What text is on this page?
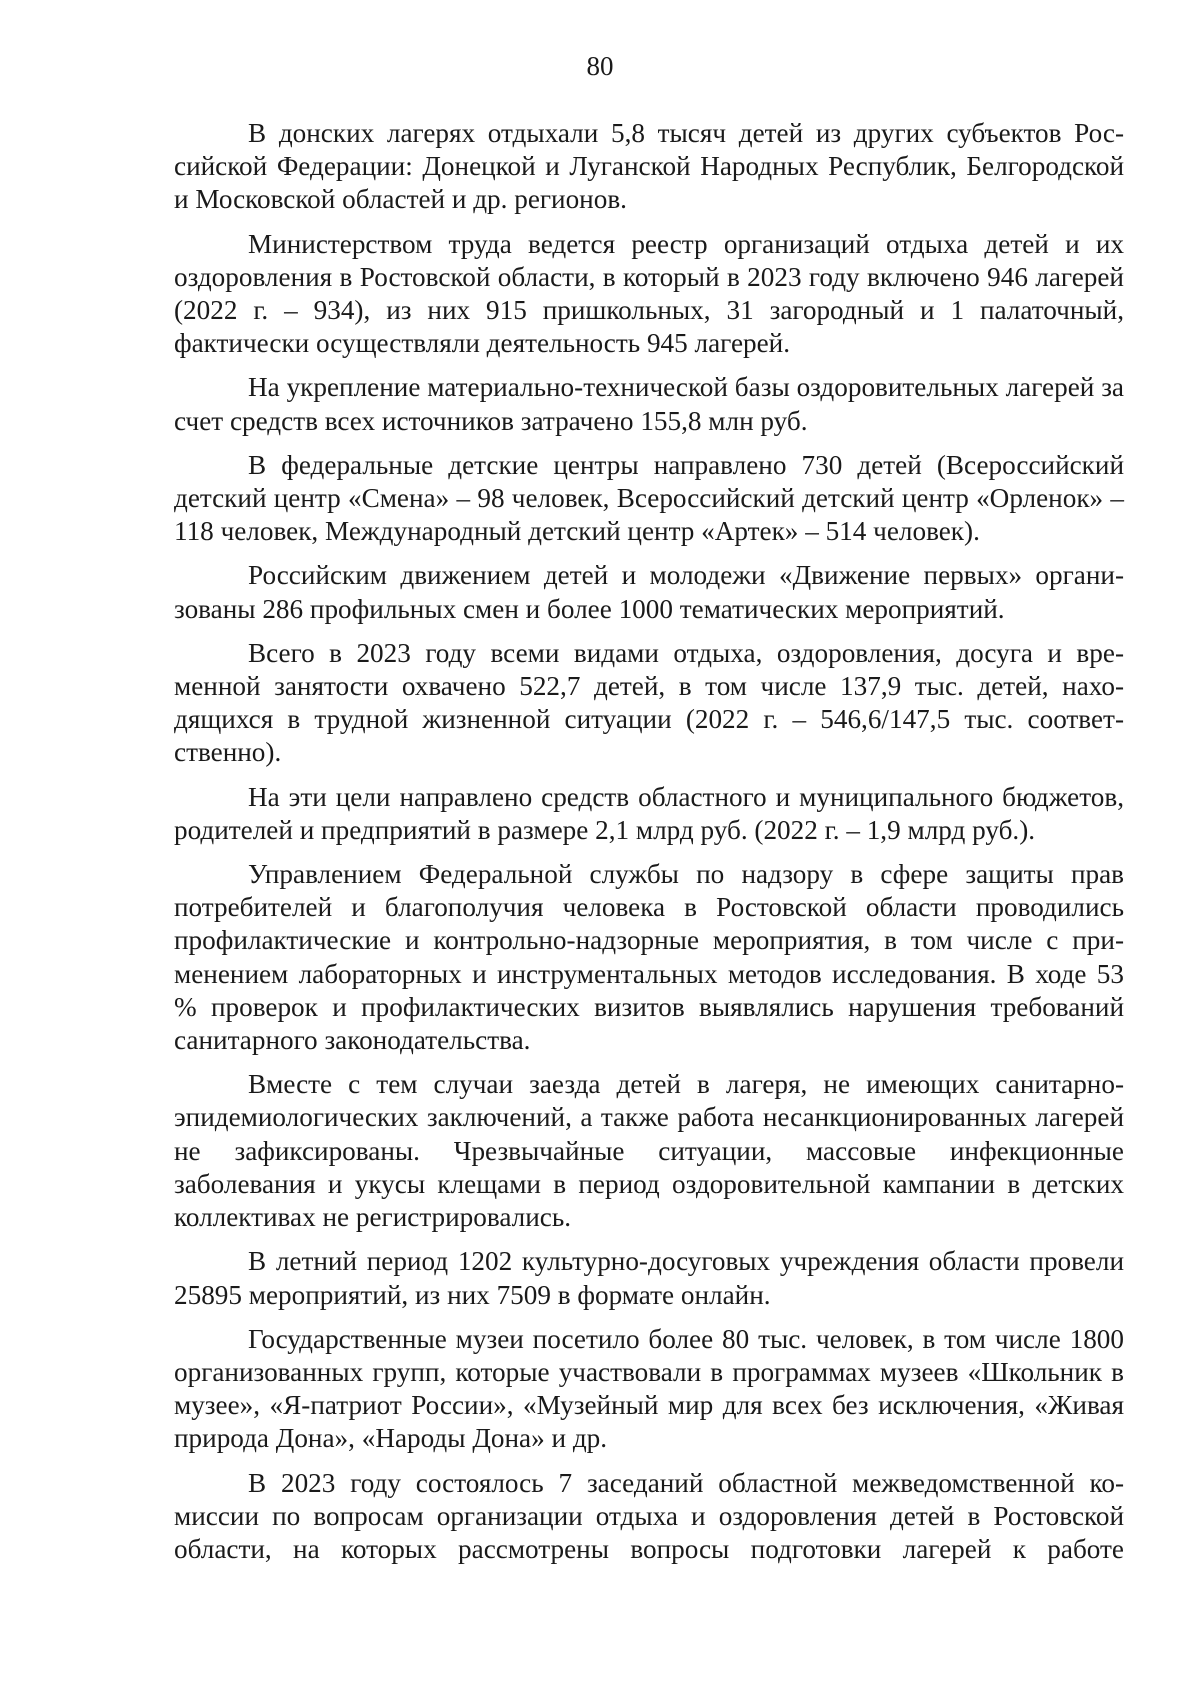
80

В донских лагерях отдыхали 5,8 тысяч детей из других субъектов Российской Федерации: Донецкой и Луганской Народных Республик, Белгородской и Московской областей и др. регионов.

Министерством труда ведется реестр организаций отдыха детей и их оздоровления в Ростовской области, в который в 2023 году включено 946 лагерей (2022 г. – 934), из них 915 пришкольных, 31 загородный и 1 палаточный, фактически осуществляли деятельность 945 лагерей.

На укрепление материально-технической базы оздоровительных лагерей за счет средств всех источников затрачено 155,8 млн руб.

В федеральные детские центры направлено 730 детей (Всероссийский детский центр «Смена» – 98 человек, Всероссийский детский центр «Орленок» – 118 человек, Международный детский центр «Артек» – 514 человек).

Российским движением детей и молодежи «Движение первых» организованы 286 профильных смен и более 1000 тематических мероприятий.

Всего в 2023 году всеми видами отдыха, оздоровления, досуга и временной занятости охвачено 522,7 детей, в том числе 137,9 тыс. детей, находящихся в трудной жизненной ситуации (2022 г. – 546,6/147,5 тыс. соответственно).

На эти цели направлено средств областного и муниципального бюджетов, родителей и предприятий в размере 2,1 млрд руб. (2022 г. – 1,9 млрд руб.).

Управлением Федеральной службы по надзору в сфере защиты прав потребителей и благополучия человека в Ростовской области проводились профилактические и контрольно-надзорные мероприятия, в том числе с применением лабораторных и инструментальных методов исследования. В ходе 53 % проверок и профилактических визитов выявлялись нарушения требований санитарного законодательства.

Вместе с тем случаи заезда детей в лагеря, не имеющих санитарно-эпидемиологических заключений, а также работа несанкционированных лагерей не зафиксированы. Чрезвычайные ситуации, массовые инфекционные заболевания и укусы клещами в период оздоровительной кампании в детских коллективах не регистрировались.

В летний период 1202 культурно-досуговых учреждения области провели 25895 мероприятий, из них 7509 в формате онлайн.

Государственные музеи посетило более 80 тыс. человек, в том числе 1800 организованных групп, которые участвовали в программах музеев «Школьник в музее», «Я-патриот России», «Музейный мир для всех без исключения, «Живая природа Дона», «Народы Дона» и др.

В 2023 году состоялось 7 заседаний областной межведомственной комиссии по вопросам организации отдыха и оздоровления детей в Ростовской области, на которых рассмотрены вопросы подготовки лагерей к работе
